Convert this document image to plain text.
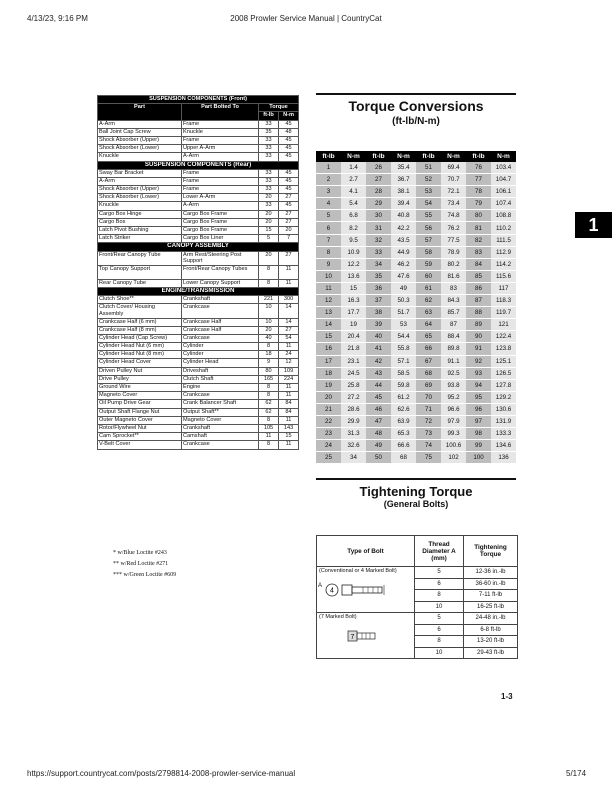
4/13/23, 9:16 PM	2008 Prowler Service Manual | CountryCat
SUSPENSION COMPONENTS (Front)			
Part	Part Bolted To	Torque	
		ft-lb	N-m
A-Arm	Frame	33	45
Ball Joint Cap Screw	Knuckle	35	48
Shock Absorber (Upper)	Frame	33	45
Shock Absorber (Lower)	Upper A-Arm	33	45
Knuckle	A-Arm	33	45
SUSPENSION COMPONENTS (Rear)			
Sway Bar Bracket	Frame	33	45
A-Arm	Frame	33	45
Shock Absorber (Upper)	Frame	33	45
Shock Absorber (Lower)	Lower A-Arm	20	27
Knuckle	A-Arm	33	45
Cargo Box Hinge	Cargo Box Frame	20	27
Cargo Box	Cargo Box Frame	20	27
Latch Pivot Bushing	Cargo Box Frame	15	20
Latch Striker	Cargo Box Liner	5	7
CANOPY ASSEMBLY			
Front/Rear Canopy Tube	Arm Rest/Steering Post Support	20	27
Top Canopy Support	Front/Rear Canopy Tubes	8	11
Rear Canopy Tube	Lower Canopy Support	8	11
ENGINE/TRANSMISSION			
Clutch Shoe**	Crankshaft	221	300
Clutch Cover/ Housing Assembly	Crankcase	10	14
Crankcase Half (6 mm)	Crankcase Half	10	14
Crankcase Half (8 mm)	Crankcase Half	20	27
Cylinder Head (Cap Screw)	Crankcase	40	54
Cylinder Head Nut (6 mm)	Cylinder	8	11
Cylinder Head Nut (8 mm)	Cylinder	18	24
Cylinder Head Cover	Cylinder Head	9	12
Driven Pulley Nut	Driveshaft	80	109
Drive Pulley	Clutch Shaft	165	224
Ground Wire	Engine	8	11
Magneto Cover	Crankcase	8	11
Oil Pump Drive Gear	Crank Balancer Shaft	62	84
Output Shaft Flange Nut	Output Shaft**	62	84
Outer Magneto Cover	Magneto Cover	8	11
Rotor/Flywheel Nut	Crankshaft	105	143
Cam Sprocket**	Camshaft	11	15
V-Belt Cover	Crankcase	8	11
* w/Blue Loctite #243
** w/Red Loctite #271
*** w/Green Loctite #609
Torque Conversions
(ft-lb/N-m)
ft-lb	N-m	ft-lb	N-m	ft-lb	N-m	ft-lb	N-m
1	1.4	26	35.4	51	69.4	76	103.4
2	2.7	27	36.7	52	70.7	77	104.7
3	4.1	28	38.1	53	72.1	78	106.1
4	5.4	29	39.4	54	73.4	79	107.4
5	6.8	30	40.8	55	74.8	80	108.8
6	8.2	31	42.2	56	76.2	81	110.2
7	9.5	32	43.5	57	77.5	82	111.5
8	10.9	33	44.9	58	78.9	83	112.9
9	12.2	34	46.2	59	80.2	84	114.2
10	13.6	35	47.6	60	81.6	85	115.6
11	15	36	49	61	83	86	117
12	16.3	37	50.3	62	84.3	87	118.3
13	17.7	38	51.7	63	85.7	88	119.7
14	19	39	53	64	87	89	121
15	20.4	40	54.4	65	88.4	90	122.4
16	21.8	41	55.8	66	89.8	91	123.8
17	23.1	42	57.1	67	91.1	92	125.1
18	24.5	43	58.5	68	92.5	93	126.5
19	25.8	44	59.8	69	93.8	94	127.8
20	27.2	45	61.2	70	95.2	95	129.2
21	28.6	46	62.6	71	96.6	96	130.6
22	29.9	47	63.9	72	97.9	97	131.9
23	31.3	48	65.3	73	99.3	98	133.3
24	32.6	49	66.6	74	100.6	99	134.6
25	34	50	68	75	102	100	136
1
Tightening Torque
(General Bolts)
Type of Bolt	Thread Diameter A (mm)	Tightening Torque
(Conventional or 4 Marked Bolt)
4
A	5	12-36 in.-lb
	6	36-60 in.-lb
	8	7-11 ft-lb
	10	16-25 ft-lb
(7 Marked Bolt)
7	5	24-48 in.-lb
	6	6-8 ft-lb
	8	13-20 ft-lb
	10	29-43 ft-lb
1-3
https://support.countrycat.com/posts/2798814-2008-prowler-service-manual	5/174
